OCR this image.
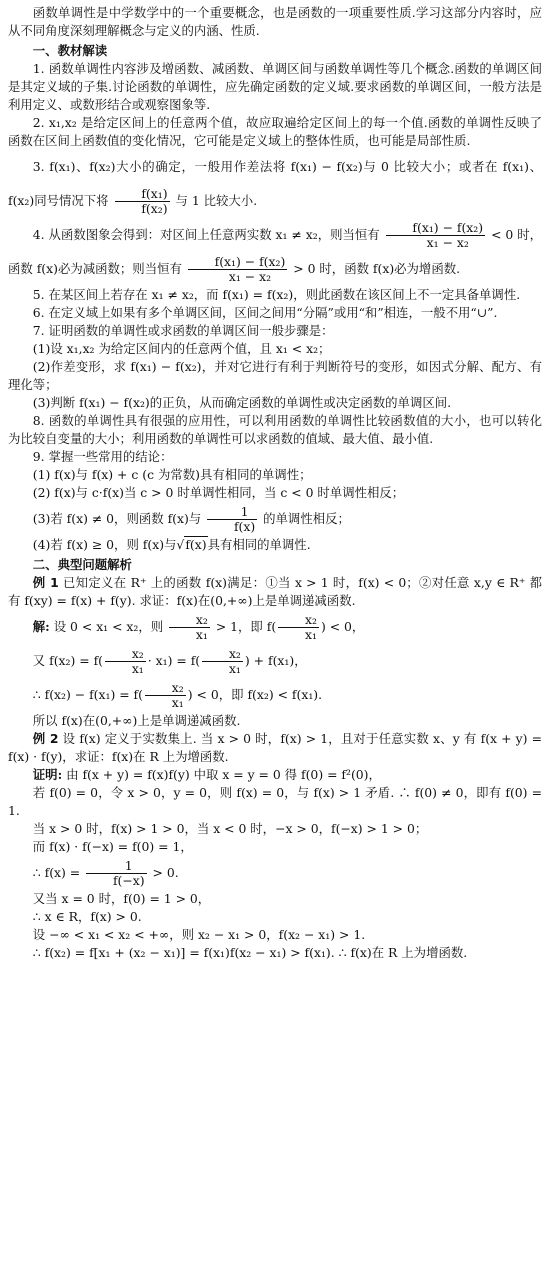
函数单调性是中学数学中的一个重要概念，也是函数的一项重要性质.学习这部分内容时，应从不同角度深刻理解概念与定义的内涵、性质.

一、教材解读

1. 函数单调性内容涉及增函数、减函数、单调区间与函数单调性等几个概念.函数的单调区间是其定义域的子集.讨论函数的单调性，应先确定函数的定义域.要求函数的单调区间，一般方法是利用定义、或数形结合或观察图象等.

2. x₁,x₂ 是给定区间上的任意两个值，故应取遍给定区间上的每一个值.函数的单调性反映了函数在区间上函数值的变化情况，它可能是定义域上的整体性质，也可能是局部性质.

3. f(x₁)、f(x₂)大小的确定，一般用作差法将 f(x₁) − f(x₂)与 0 比较大小；或者在 f(x₁)、f(x₂)同号情况下将 $\frac{\text{f(x₁)}}{\text{f(x₂)}}$ 与 1 比较大小.

4. 从函数图象会得到：对区间上任意两实数 x₁ ≠ x₂，则当恒有 $\frac{\text{f(x₁) − f(x₂)}}{\text{x₁ − x₂}} < 0$ 时，函数 f(x)必为减函数；则当恒有 $\frac{\text{f(x₁) − f(x₂)}}{\text{x₁ − x₂}} > 0$ 时，函数 f(x)必为增函数.

5. 在某区间上若存在 x₁ ≠ x₂，而 f(x₁) = f(x₂)，则此函数在该区间上不一定具备单调性.

6. 在定义域上如果有多个单调区间，区间之间用“分隔”或用“和”相连，一般不用“∪”.

7. 证明函数的单调性或求函数的单调区间一般步骤是：

(1)设 x₁,x₂ 为给定区间内的任意两个值，且 x₁ < x₂；

(2)作差变形，求 f(x₁) − f(x₂)，并对它进行有利于判断符号的变形，如因式分解、配方、有理化等；

(3)判断 f(x₁) − f(x₂)的正负，从而确定函数的单调性或决定函数的单调区间.

8. 函数的单调性具有很强的应用性，可以利用函数的单调性比较函数值的大小，也可以转化为比较自变量的大小；利用函数的单调性可以求函数的值域、最大值、最小值.

9. 掌握一些常用的结论：

(1) f(x)与 f(x) + c (c 为常数)具有相同的单调性；

(2) f(x)与 c·f(x)当 c > 0 时单调性相同，当 c < 0 时单调性相反；

(3)若 f(x) ≠ 0，则函数 f(x)与 $\frac{1}{f(x)}$ 的单调性相反；

(4)若 f(x) ≥ 0，则 f(x)与√f(x)具有相同的单调性.

二、典型问题解析

例 1 已知定义在 R⁺ 上的函数 f(x)满足：①当 x > 1 时，f(x) < 0；②对任意 x,y ∈ R⁺ 都有 f(xy) = f(x) + f(y). 求证：f(x)在(0,+∞)上是单调递减函数.

解: 设 0 < x₁ < x₂，则 $\frac{\text{x₂}}{\text{x₁}} > 1$，即 $f( \frac{\text{x₂}}{\text{x₁}}$ ) < 0，

又 $f(x_2) = f( \frac{\text{x₂}}{\text{x₁}} \cdot x_1) = f( \frac{\text{x₂}}{\text{x₁}}$ ) + f(x₁)，

∴ $f(x_2) - f(x_1) = f( \frac{\text{x₂}}{\text{x₁}}$ ) < 0，即 f(x₂) < f(x₁).

所以 f(x)在(0,+∞)上是单调递减函数.

例 2 设 f(x) 定义于实数集上. 当 x > 0 时，f(x) > 1，且对于任意实数 x、y 有 f(x + y) = f(x) · f(y)，求证：f(x)在 R 上为增函数.

证明: 由 f(x + y) = f(x)f(y) 中取 x = y = 0 得 f(0) = f²(0)，

若 f(0) = 0，令 x > 0，y = 0，则 f(x) = 0，与 f(x) > 1 矛盾. ∴ f(0) ≠ 0，即有 f(0) = 1.

当 x > 0 时，f(x) > 1 > 0，当 x < 0 时，−x > 0，f(−x) > 1 > 0；

而 f(x) · f(−x) = f(0) = 1，

∴ $f(x) = \frac{1}{f(-x)} > 0$.

又当 x = 0 时，f(0) = 1 > 0，

∴ x ∈ R，f(x) > 0.

设 −∞ < x₁ < x₂ < +∞，则 x₂ − x₁ > 0，f(x₂ − x₁) > 1.

∴ f(x₂) = f[x₁ + (x₂ − x₁)] = f(x₁)f(x₂ − x₁) > f(x₁). ∴ f(x)在 R 上为增函数.
